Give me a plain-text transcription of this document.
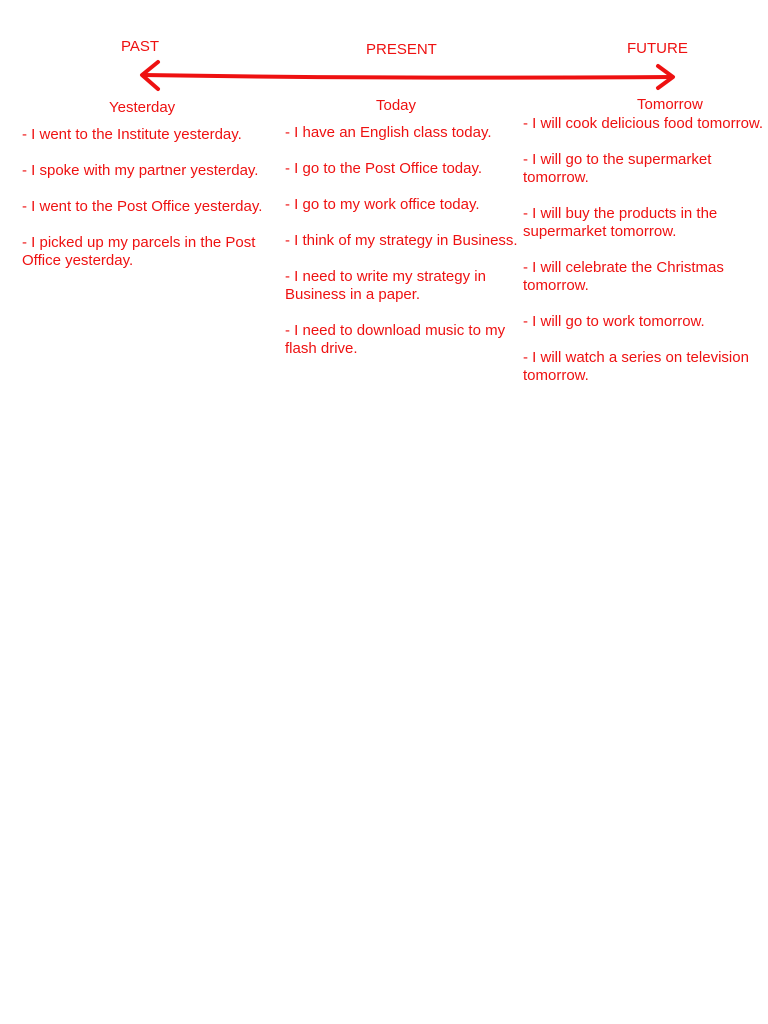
PAST	PRESENT	FUTURE
Yesterday	Today	Tomorrow
- I went to the Institute yesterday.
- I spoke with my partner yesterday.
- I went to the Post Office yesterday.
- I picked up my parcels in the Post Office yesterday.
- I have an English class today.
- I go to the Post Office today.
- I go to my work office today.
- I think of my strategy in Business.
- I need to write my strategy in Business in a paper.
- I need to download music to my flash drive.
- I will cook delicious food tomorrow.
- I will go to the supermarket tomorrow.
- I will buy the products in the supermarket tomorrow.
- I will celebrate the Christmas tomorrow.
- I will go to work tomorrow.
- I will watch a series on television tomorrow.
